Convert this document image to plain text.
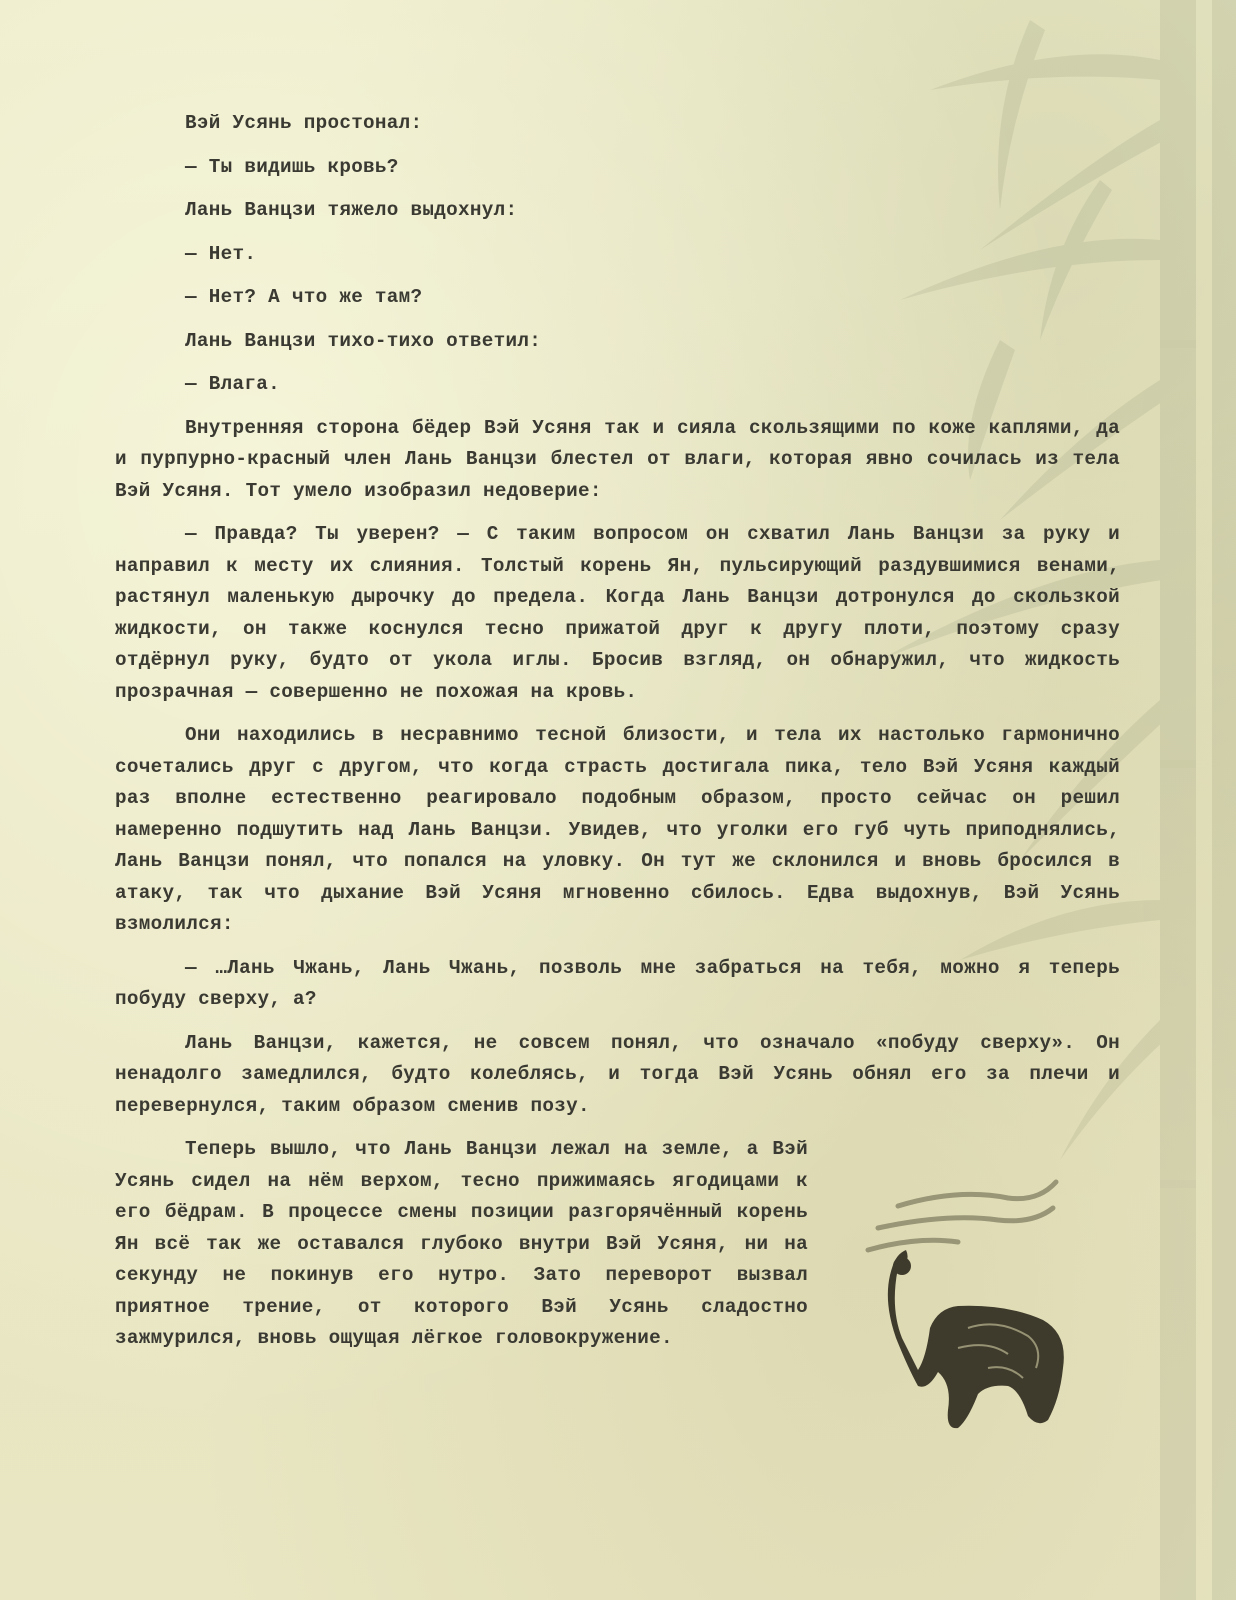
Вэй Усянь простонал:

— Ты видишь кровь?

Лань Ванцзи тяжело выдохнул:

— Нет.

— Нет? А что же там?

Лань Ванцзи тихо-тихо ответил:

— Влага.

Внутренняя сторона бёдер Вэй Усяня так и сияла скользящими по коже каплями, да и пурпурно-красный член Лань Ванцзи блестел от влаги, которая явно сочилась из тела Вэй Усяня. Тот умело изобразил недоверие:

— Правда? Ты уверен? — С таким вопросом он схватил Лань Ванцзи за руку и направил к месту их слияния. Толстый корень Ян, пульсирующий раздувшимися венами, растянул маленькую дырочку до предела. Когда Лань Ванцзи дотронулся до скользкой жидкости, он также коснулся тесно прижатой друг к другу плоти, поэтому сразу отдёрнул руку, будто от укола иглы. Бросив взгляд, он обнаружил, что жидкость прозрачная — совершенно не похожая на кровь.

Они находились в несравнимо тесной близости, и тела их настолько гармонично сочетались друг с другом, что когда страсть достигала пика, тело Вэй Усяня каждый раз вполне естественно реагировало подобным образом, просто сейчас он решил намеренно подшутить над Лань Ванцзи. Увидев, что уголки его губ чуть приподнялись, Лань Ванцзи понял, что попался на уловку. Он тут же склонился и вновь бросился в атаку, так что дыхание Вэй Усяня мгновенно сбилось. Едва выдохнув, Вэй Усянь взмолился:

— …Лань Чжань, Лань Чжань, позволь мне забраться на тебя, можно я теперь побуду сверху, а?

Лань Ванцзи, кажется, не совсем понял, что означало «побуду сверху». Он ненадолго замедлился, будто колеблясь, и тогда Вэй Усянь обнял его за плечи и перевернулся, таким образом сменив позу.

Теперь вышло, что Лань Ванцзи лежал на земле, а Вэй Усянь сидел на нём верхом, тесно прижимаясь ягодицами к его бёдрам. В процессе смены позиции разгорячённый корень Ян всё так же оставался глубоко внутри Вэй Усяня, ни на секунду не покинув его нутро. Зато переворот вызвал приятное трение, от которого Вэй Усянь сладостно зажмурился, вновь ощущая лёгкое головокружение.
